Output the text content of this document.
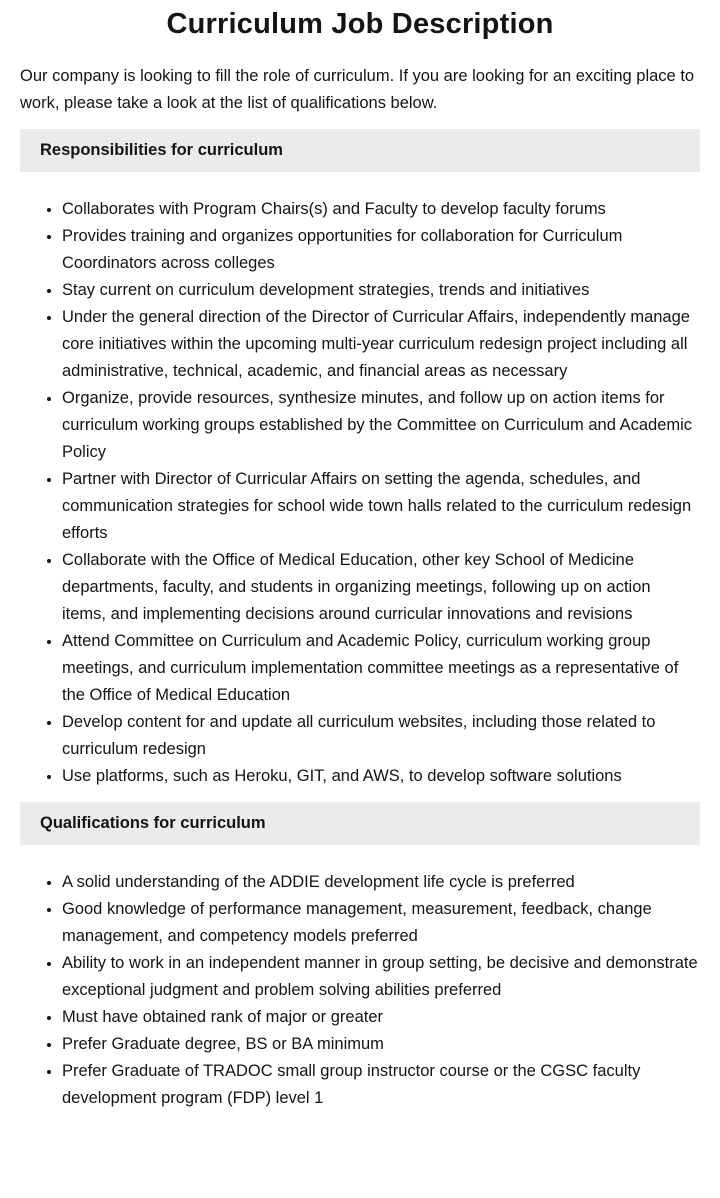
Curriculum Job Description

Our company is looking to fill the role of curriculum. If you are looking for an exciting place to work, please take a look at the list of qualifications below.

Responsibilities for curriculum
• Collaborates with Program Chairs(s) and Faculty to develop faculty forums
• Provides training and organizes opportunities for collaboration for Curriculum Coordinators across colleges
• Stay current on curriculum development strategies, trends and initiatives
• Under the general direction of the Director of Curricular Affairs, independently manage core initiatives within the upcoming multi-year curriculum redesign project including all administrative, technical, academic, and financial areas as necessary
• Organize, provide resources, synthesize minutes, and follow up on action items for curriculum working groups established by the Committee on Curriculum and Academic Policy
• Partner with Director of Curricular Affairs on setting the agenda, schedules, and communication strategies for school wide town halls related to the curriculum redesign efforts
• Collaborate with the Office of Medical Education, other key School of Medicine departments, faculty, and students in organizing meetings, following up on action items, and implementing decisions around curricular innovations and revisions
• Attend Committee on Curriculum and Academic Policy, curriculum working group meetings, and curriculum implementation committee meetings as a representative of the Office of Medical Education
• Develop content for and update all curriculum websites, including those related to curriculum redesign
• Use platforms, such as Heroku, GIT, and AWS, to develop software solutions
Qualifications for curriculum
• A solid understanding of the ADDIE development life cycle is preferred
• Good knowledge of performance management, measurement, feedback, change management, and competency models preferred
• Ability to work in an independent manner in group setting, be decisive and demonstrate exceptional judgment and problem solving abilities preferred
• Must have obtained rank of major or greater
• Prefer Graduate degree, BS or BA minimum
• Prefer Graduate of TRADOC small group instructor course or the CGSC faculty development program (FDP) level 1
